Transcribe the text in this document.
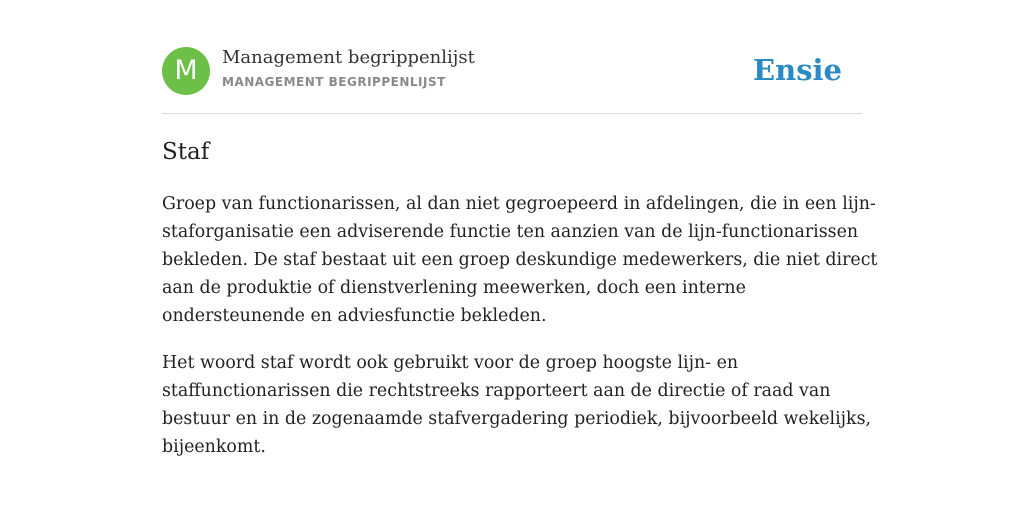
M	Management begrippenlijst
MANAGEMENT BEGRIPPENLIJST	Ensie
Staf

Groep van functionarissen, al dan niet gegroepeerd in afdelingen, die in een lijn-
staforganisatie een adviserende functie ten aanzien van de lijn-functionarissen
bekleden. De staf bestaat uit een groep deskundige medewerkers, die niet direct
aan de produktie of dienstverlening meewerken, doch een interne
ondersteunende en adviesfunctie bekleden.

Het woord staf wordt ook gebruikt voor de groep hoogste lijn- en
staffunctionarissen die rechtstreeks rapporteert aan de directie of raad van
bestuur en in de zogenaamde stafvergadering periodiek, bijvoorbeeld wekelijks,
bijeenkomt.
